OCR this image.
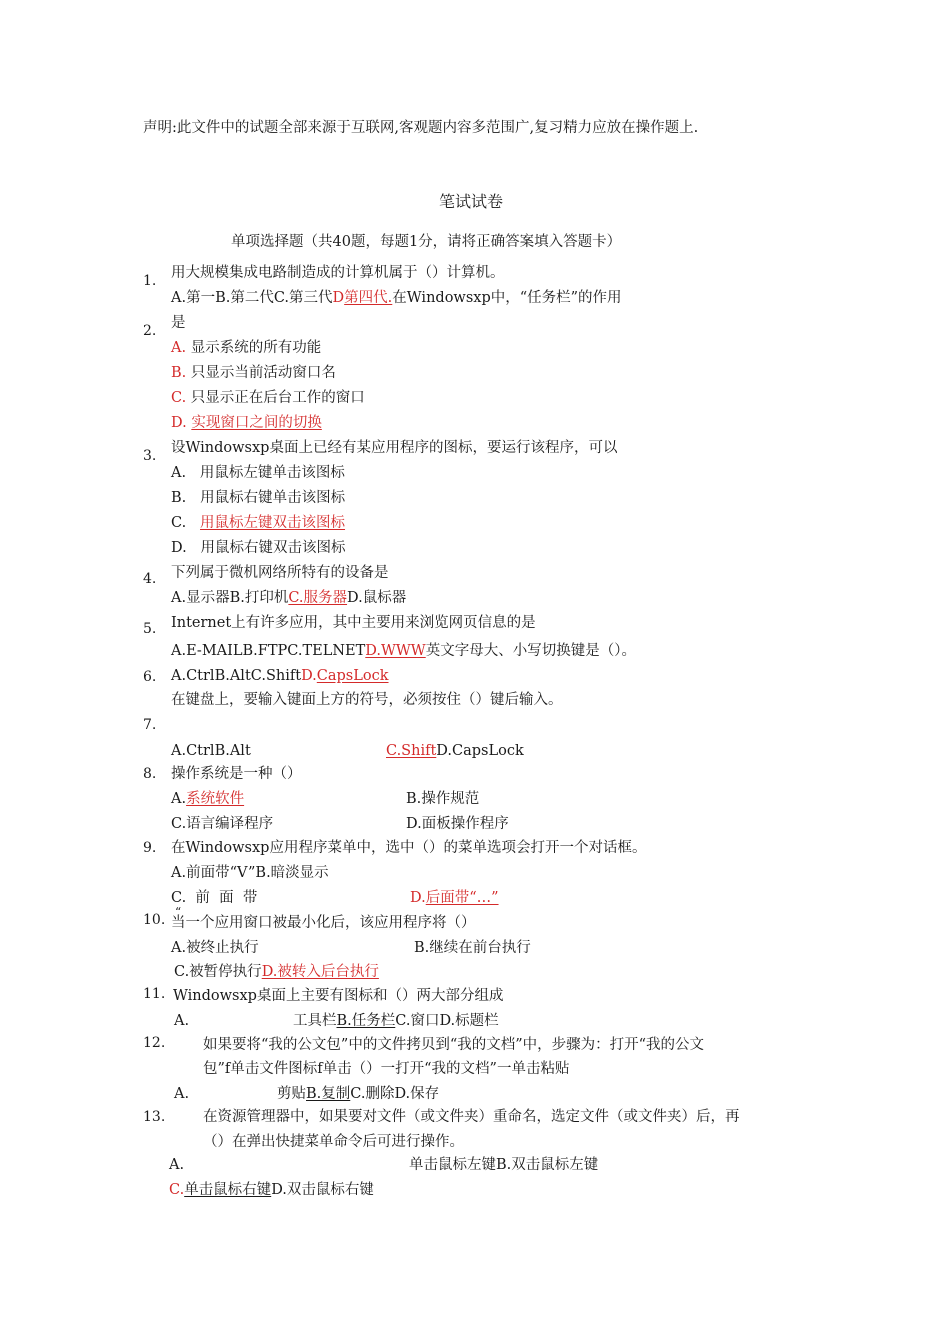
声明:此文件中的试题全部来源于互联网,客观题内容多范围广,复习精力应放在操作题上.
笔试试卷
单项选择题（共40题，每题1分，请将正确答案填入答题卡）
1. 用大规模集成电路制造成的计算机属于（）计算机。
A.第一B.第二代C.第三代D第四代.在Windowsxp中，“任务栏”的作用
2. 是
A. 显示系统的所有功能
B. 只显示当前活动窗口名
C. 只显示正在后台工作的窗口
D. 实现窗口之间的切换
3. 设Windowsxp桌面上已经有某应用程序的图标，要运行该程序，可以
A. 用鼠标左键单击该图标
B. 用鼠标右键单击该图标
C. 用鼠标左键双击该图标
D. 用鼠标右键双击该图标
4. 下列属于微机网络所特有的设备是
A.显示器B.打印机C.服务器D.鼠标器
5. Internet上有许多应用，其中主要用来浏览网页信息的是
A.E-MAILB.FTPC.TELNETD.WWW英文字母大、小写切换键是（）。
6. A.CtrlB.AltC.ShiftD.CapsLock
在键盘上，要输入键面上方的符号，必须按住（）键后输入。
7.
A.CtrlB.Alt	C.ShiftD.CapsLock
8. 操作系统是一种（）
A.系统软件	B.操作规范
C.语言编译程序	D.面板操作程序
9. 在Windowsxp应用程序菜单中，选中（）的菜单选项会打开一个对话框。
A.前面带“V”B.暗淡显示
C.  前  面  带	D.后面带“…”
“
10. 当一个应用窗口被最小化后，该应用程序将（）
A.被终止执行	B.继续在前台执行
C.被暂停执行D.被转入后台执行
11. Windowsxp桌面上主要有图标和（）两大部分组成
A.	工具栏B.任务栏C.窗口D.标题栏
12.	如果要将“我的公文包”中的文件拷贝到“我的文档”中，步骤为：打开“我的公文
包”f单击文件图标f单击（）一打开“我的文档”一单击粘贴
A.	剪贴B.复制C.删除D.保存
13.	在资源管理器中，如果要对文件（或文件夹）重命名，选定文件（或文件夹）后，再
（）在弹出快捷菜单命令后可进行操作。
A.	单击鼠标左键B.双击鼠标左键
C.单击鼠标右键D.双击鼠标右键
